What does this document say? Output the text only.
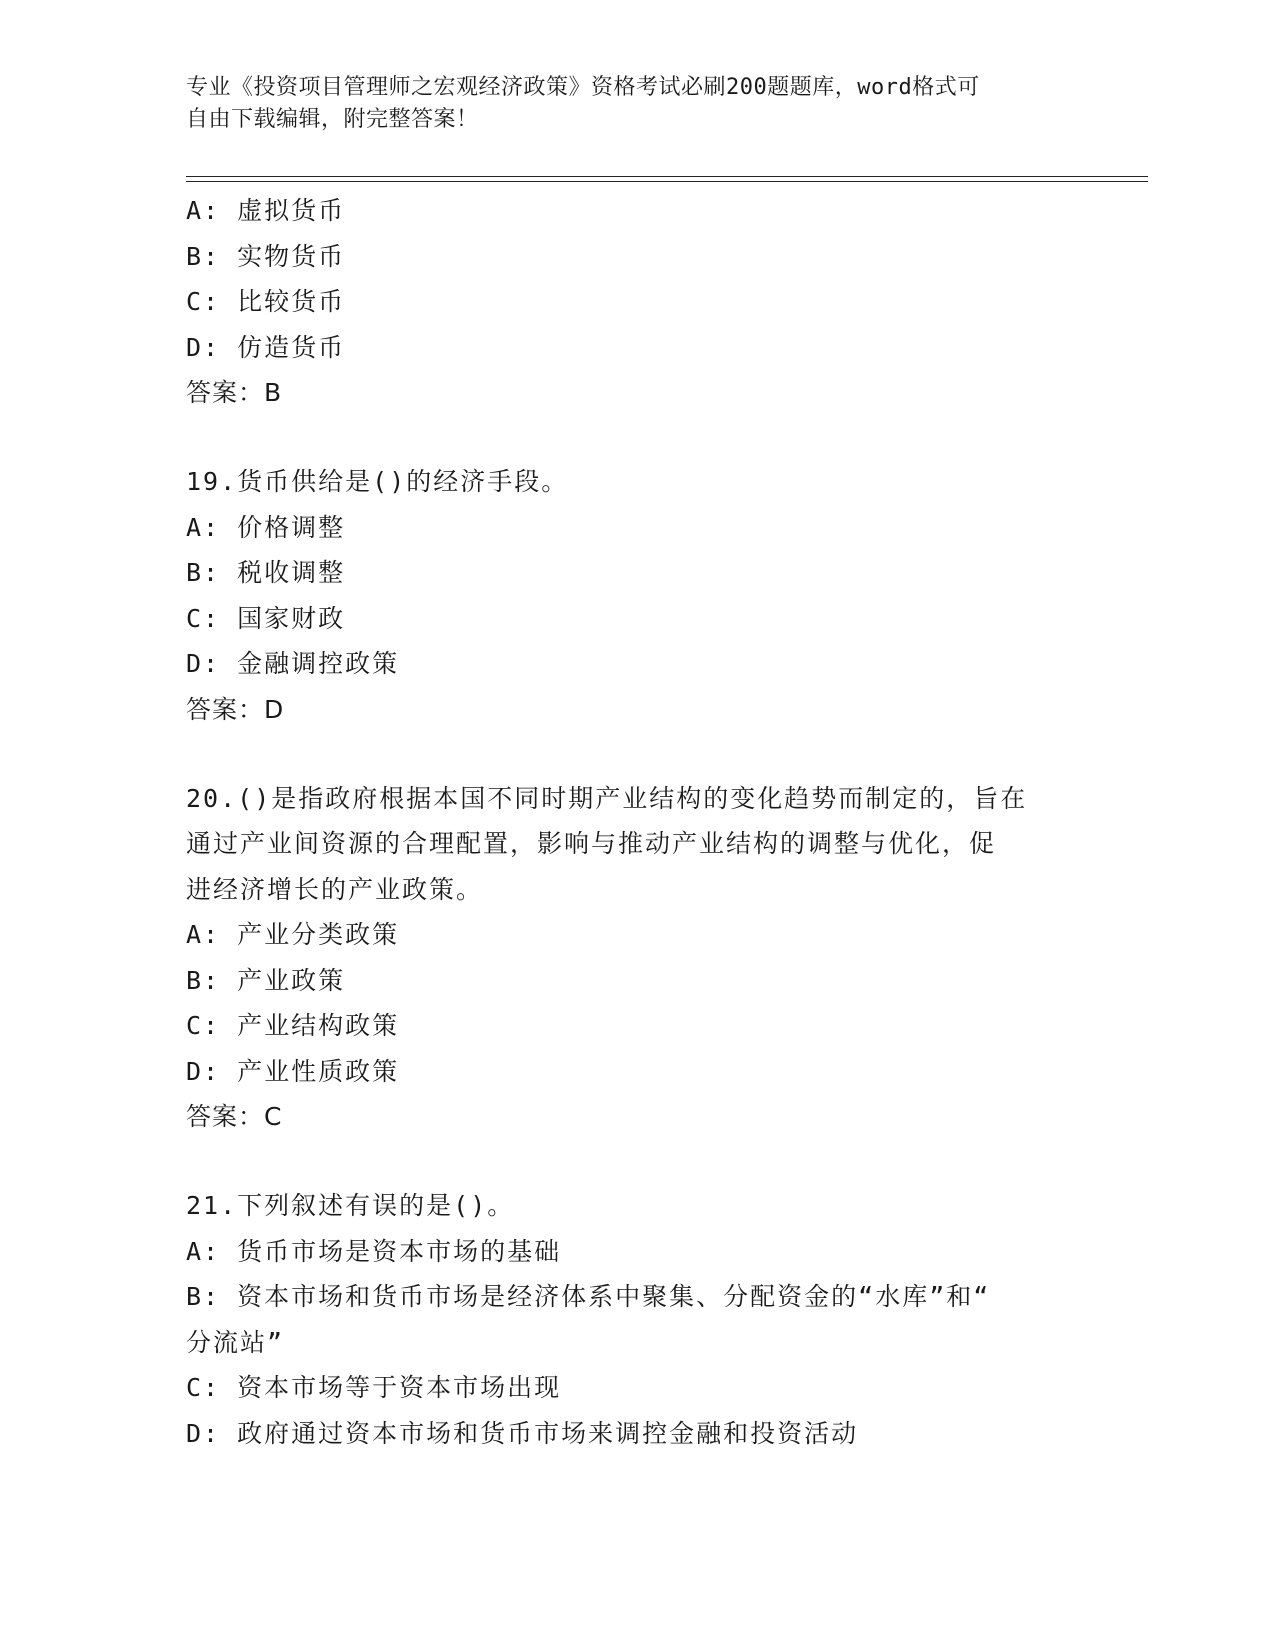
专业《投资项目管理师之宏观经济政策》资格考试必刷200题题库，word格式可
自由下载编辑，附完整答案！
A: 虚拟货币
B: 实物货币
C: 比较货币
D: 仿造货币
答案：B
19.货币供给是()的经济手段。
A: 价格调整
B: 税收调整
C: 国家财政
D: 金融调控政策
答案：D
20.()是指政府根据本国不同时期产业结构的变化趋势而制定的，旨在
通过产业间资源的合理配置，影响与推动产业结构的调整与优化，促
进经济增长的产业政策。
A: 产业分类政策
B: 产业政策
C: 产业结构政策
D: 产业性质政策
答案：C
21.下列叙述有误的是()。
A: 货币市场是资本市场的基础
B: 资本市场和货币市场是经济体系中聚集、分配资金的“水库”和“
分流站”
C: 资本市场等于资本市场出现
D: 政府通过资本市场和货币市场来调控金融和投资活动
